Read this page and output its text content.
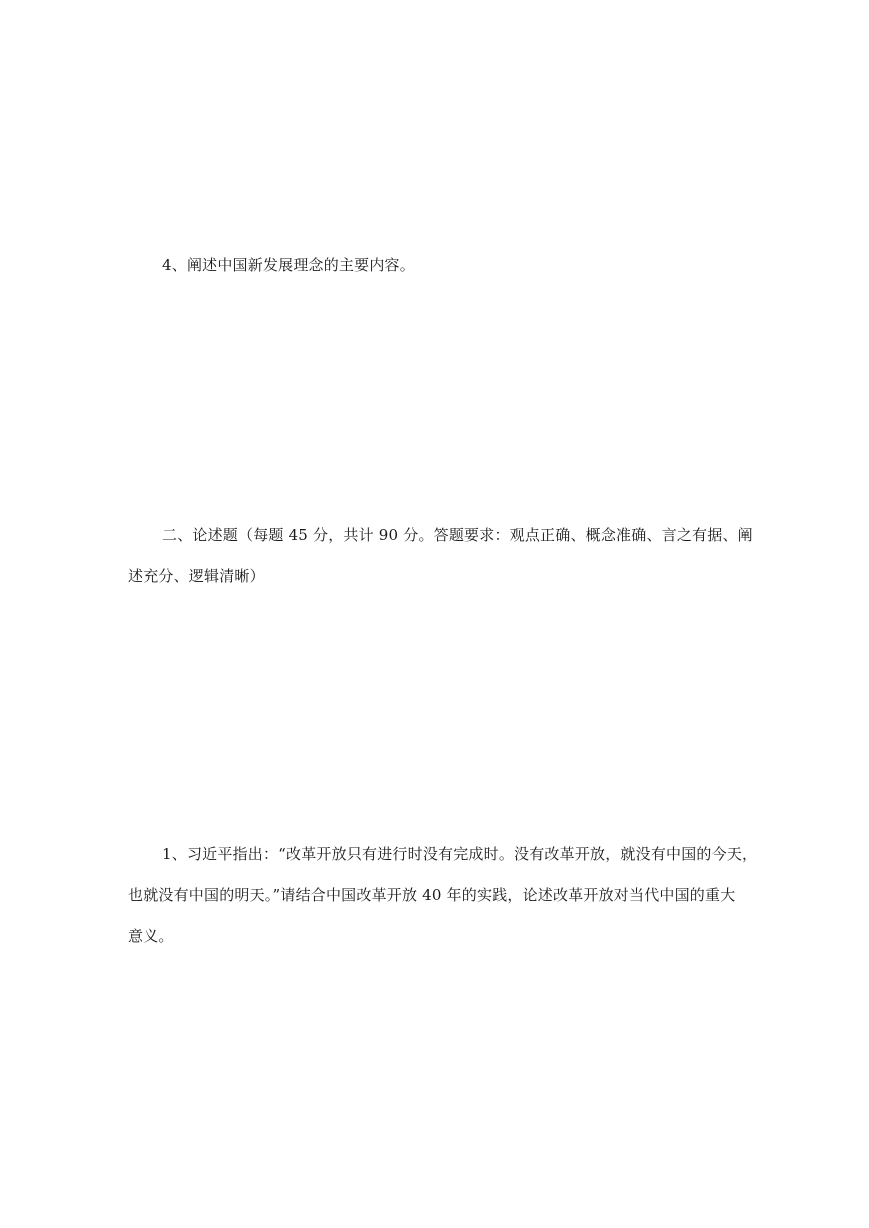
4、阐述中国新发展理念的主要内容。

二、论述题（每题 45 分，共计 90 分。答题要求：观点正确、概念准确、言之有据、阐
述充分、逻辑清晰）

1、习近平指出：“改革开放只有进行时没有完成时。没有改革开放，就没有中国的今天，
也就没有中国的明天。”请结合中国改革开放 40 年的实践，论述改革开放对当代中国的重大
意义。
